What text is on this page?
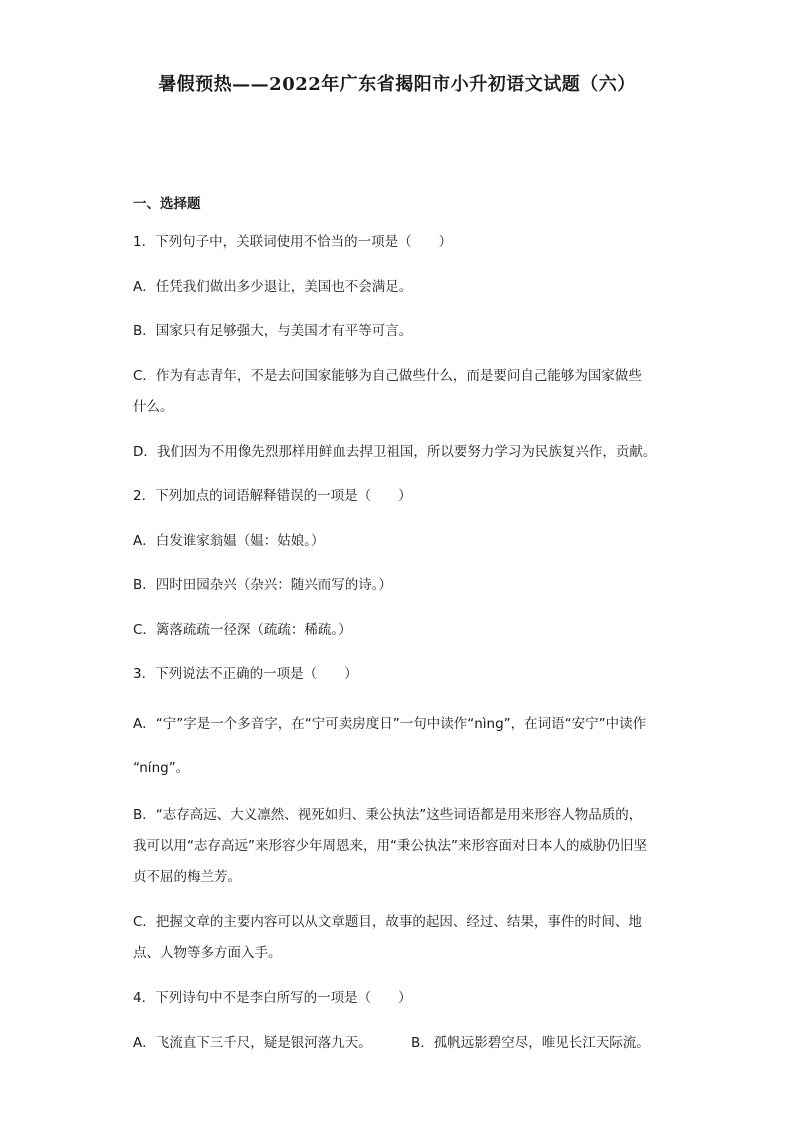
暑假预热——2022年广东省揭阳市小升初语文试题（六）
一、选择题
1．下列句子中，关联词使用不恰当的一项是（　　）
A．任凭我们做出多少退让，美国也不会满足。
B．国家只有足够强大，与美国才有平等可言。
C．作为有志青年，不是去问国家能够为自己做些什么，而是要问自己能够为国家做些
什么。
D．我们因为不用像先烈那样用鲜血去捍卫祖国，所以要努力学习为民族复兴作，贡献。
2．下列加点的词语解释错误的一项是（　　）
A．白发谁家翁媪（媪：姑娘。）
B．四时田园杂兴（杂兴：随兴而写的诗。）
C．篱落疏疏一径深（疏疏：稀疏。）
3．下列说法不正确的一项是（　　）
A．“宁”字是一个多音字，在“宁可卖房度日”一句中读作“nìng”，在词语“安宁”中读作
“níng”。
B．“志存高远、大义凛然、视死如归、秉公执法”这些词语都是用来形容人物品质的，
我可以用“志存高远”来形容少年周恩来，用“秉公执法”来形容面对日本人的威胁仍旧坚
贞不屈的梅兰芳。
C．把握文章的主要内容可以从文章题目，故事的起因、经过、结果，事件的时间、地
点、人物等多方面入手。
4．下列诗句中不是李白所写的一项是（　　）
A．飞流直下三千尺，疑是银河落九天。	B．孤帆远影碧空尽，唯见长江天际流。
